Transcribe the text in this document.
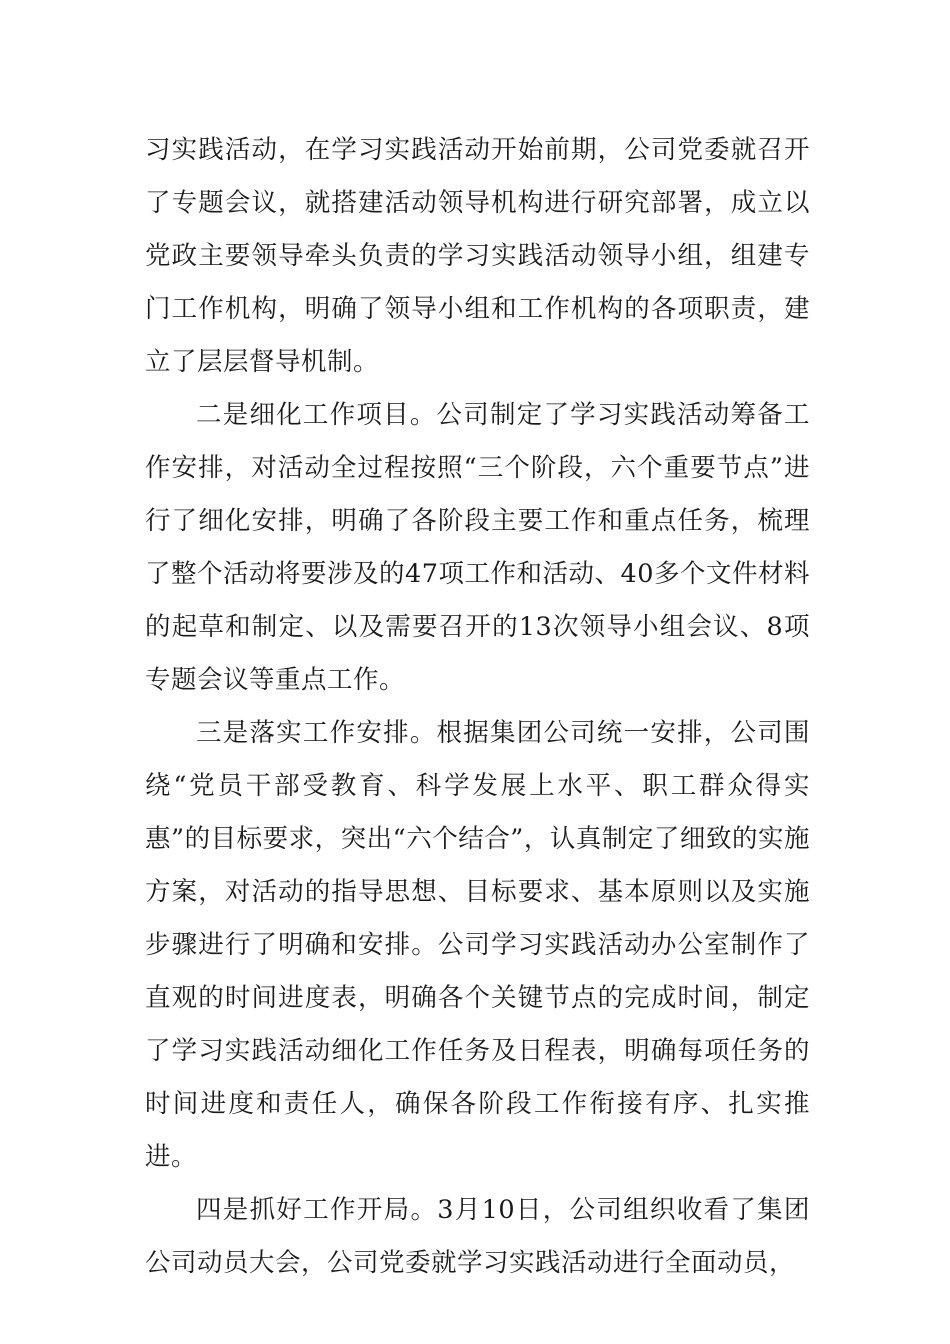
习实践活动，在学习实践活动开始前期，公司党委就召开了专题会议，就搭建活动领导机构进行研究部署，成立以党政主要领导牵头负责的学习实践活动领导小组，组建专门工作机构，明确了领导小组和工作机构的各项职责，建立了层层督导机制。

二是细化工作项目。公司制定了学习实践活动筹备工作安排，对活动全过程按照“三个阶段，六个重要节点”进行了细化安排，明确了各阶段主要工作和重点任务，梳理了整个活动将要涉及的47项工作和活动、40多个文件材料的起草和制定、以及需要召开的13次领导小组会议、8项专题会议等重点工作。

三是落实工作安排。根据集团公司统一安排，公司围绕“党员干部受教育、科学发展上水平、职工群众得实惠”的目标要求，突出“六个结合”，认真制定了细致的实施方案，对活动的指导思想、目标要求、基本原则以及实施步骤进行了明确和安排。公司学习实践活动办公室制作了直观的时间进度表，明确各个关键节点的完成时间，制定了学习实践活动细化工作任务及日程表，明确每项任务的时间进度和责任人，确保各阶段工作衔接有序、扎实推进。

四是抓好工作开局。3月10日，公司组织收看了集团公司动员大会，公司党委就学习实践活动进行全面动员，
